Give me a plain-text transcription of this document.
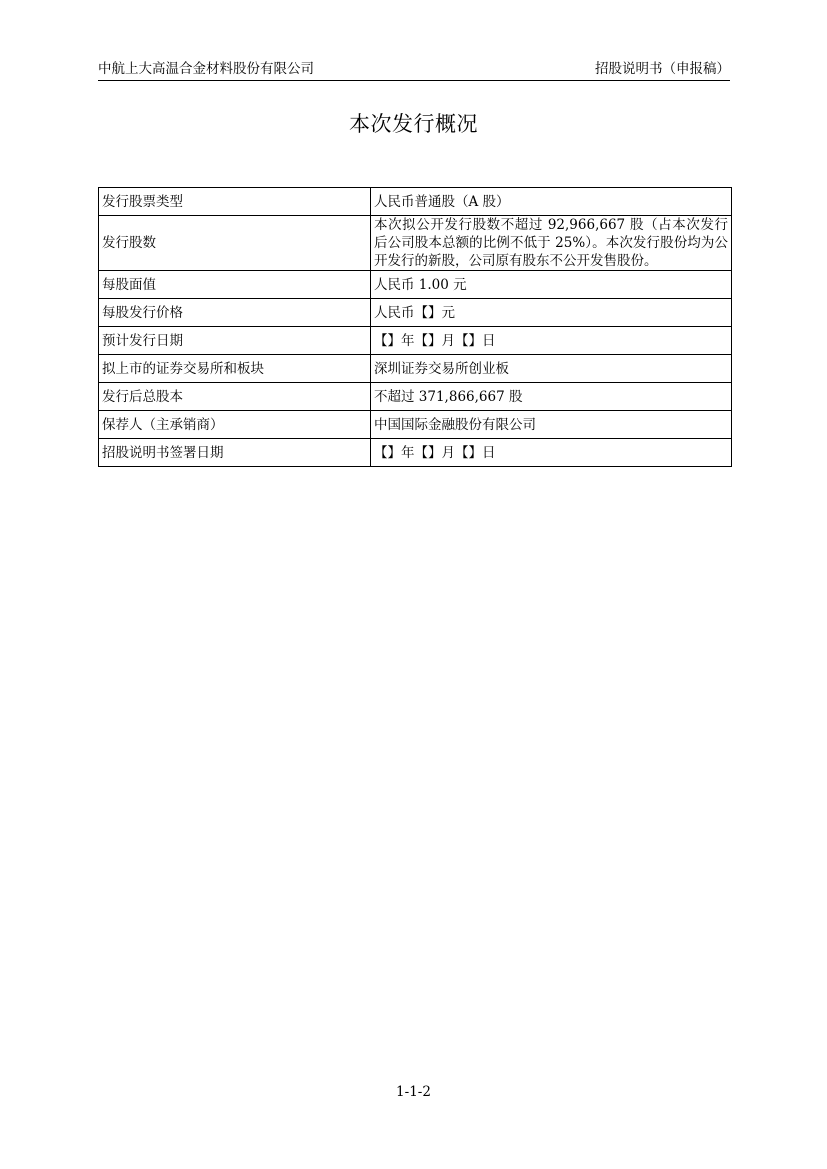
中航上大高温合金材料股份有限公司	招股说明书（申报稿）
本次发行概况
发行股票类型	人民币普通股（A 股）
发行股数	本次拟公开发行股数不超过 92,966,667 股（占本次发行后公司股本总额的比例不低于 25%）。本次发行股份均为公开发行的新股，公司原有股东不公开发售股份。

每股面值	人民币 1.00 元
每股发行价格	人民币【】元
预计发行日期	【】年【】月【】日
拟上市的证券交易所和板块	深圳证券交易所创业板
发行后总股本	不超过 371,866,667 股
保荐人（主承销商）	中国国际金融股份有限公司
招股说明书签署日期	【】年【】月【】日
1-1-2
